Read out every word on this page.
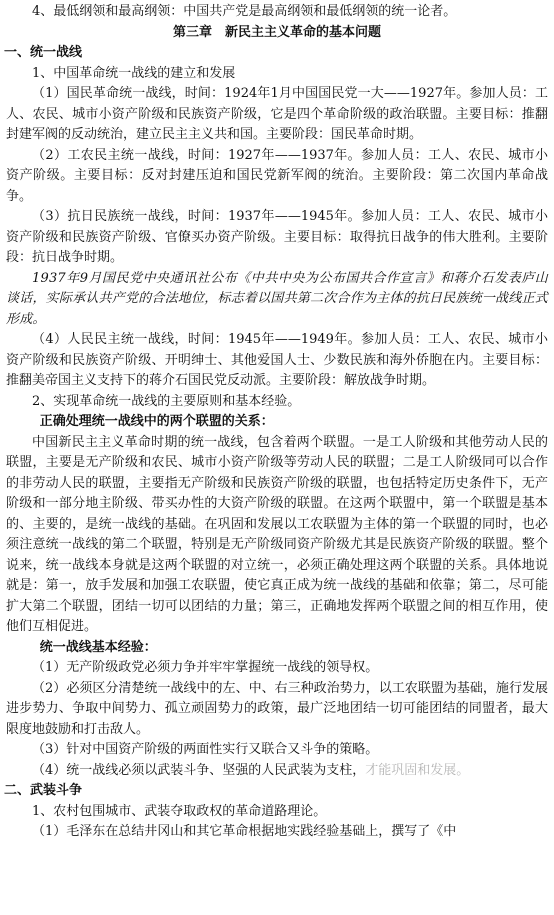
4、最低纲领和最高纲领：中国共产党是最高纲领和最低纲领的统一论者。

第三章　新民主主义革命的基本问题

一、统一战线

1、中国革命统一战线的建立和发展

（1）国民革命统一战线，时间：1924年1月中国国民党一大——1927年。参加人员：工人、农民、城市小资产阶级和民族资产阶级，它是四个革命阶级的政治联盟。主要目标：推翻封建军阀的反动统治，建立民主主义共和国。主要阶段：国民革命时期。

（2）工农民主统一战线，时间：1927年——1937年。参加人员：工人、农民、城市小资产阶级。主要目标：反对封建压迫和国民党新军阀的统治。主要阶段：第二次国内革命战争。

（3）抗日民族统一战线，时间：1937年——1945年。参加人员：工人、农民、城市小资产阶级和民族资产阶级、官僚买办资产阶级。主要目标：取得抗日战争的伟大胜利。主要阶段：抗日战争时期。

1937年9月国民党中央通讯社公布《中共中央为公布国共合作宣言》和蒋介石发表庐山谈话，实际承认共产党的合法地位，标志着以国共第二次合作为主体的抗日民族统一战线正式形成。

（4）人民民主统一战线，时间：1945年——1949年。参加人员：工人、农民、城市小资产阶级和民族资产阶级、开明绅士、其他爱国人士、少数民族和海外侨胞在内。主要目标：推翻美帝国主义支持下的蒋介石国民党反动派。主要阶段：解放战争时期。

2、实现革命统一战线的主要原则和基本经验。

正确处理统一战线中的两个联盟的关系：

中国新民主主义革命时期的统一战线，包含着两个联盟。一是工人阶级和其他劳动人民的联盟，主要是无产阶级和农民、城市小资产阶级等劳动人民的联盟；二是工人阶级同可以合作的非劳动人民的联盟，主要指无产阶级和民族资产阶级的联盟，也包括特定历史条件下，无产阶级和一部分地主阶级、带买办性的大资产阶级的联盟。在这两个联盟中，第一个联盟是基本的、主要的，是统一战线的基础。在巩固和发展以工农联盟为主体的第一个联盟的同时，也必须注意统一战线的第二个联盟，特别是无产阶级同资产阶级尤其是民族资产阶级的联盟。整个说来，统一战线本身就是这两个联盟的对立统一，必须正确处理这两个联盟的关系。具体地说就是：第一，放手发展和加强工农联盟，使它真正成为统一战线的基础和依靠；第二，尽可能扩大第二个联盟，团结一切可以团结的力量；第三，正确地发挥两个联盟之间的相互作用，使他们互相促进。

统一战线基本经验：

（1）无产阶级政党必须力争并牢牢掌握统一战线的领导权。

（2）必须区分清楚统一战线中的左、中、右三种政治势力，以工农联盟为基础，施行发展进步势力、争取中间势力、孤立顽固势力的政策，最广泛地团结一切可能团结的同盟者，最大限度地鼓励和打击敌人。

（3）针对中国资产阶级的两面性实行又联合又斗争的策略。

（4）统一战线必须以武装斗争、坚强的人民武装为支柱，才能巩固和发展。

二、武装斗争

1、农村包围城市、武装夺取政权的革命道路理论。

（1）毛泽东在总结井冈山和其它革命根据地实践经验基础上，撰写了《中
